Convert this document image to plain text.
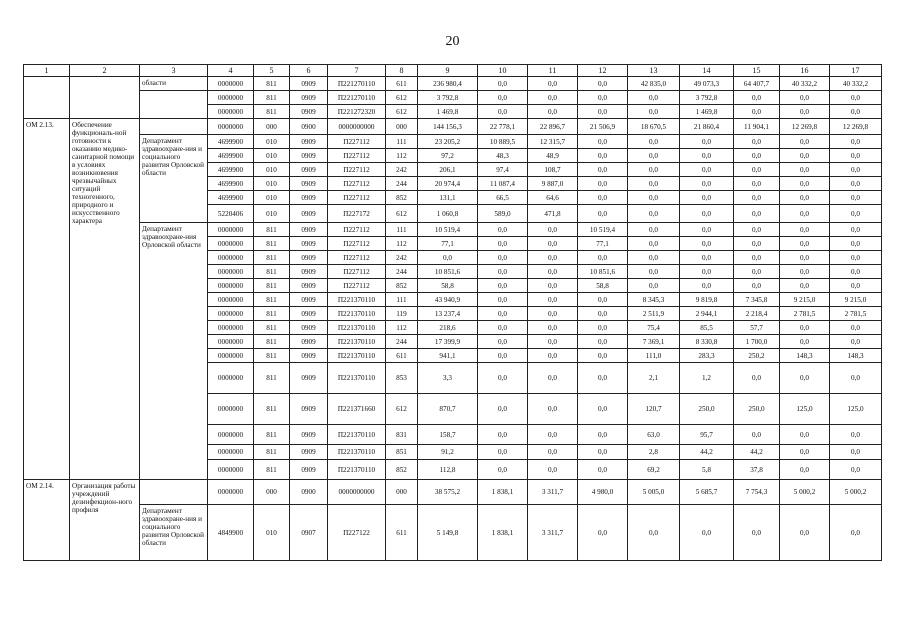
20
1	2	3	4	5	6	7	8	9	10	11	12	13	14	15	16	17
		области	0000000	811	0909	П221270110	611	236 980,4	0,0	0,0	0,0	42 835,0	49 073,3	64 407,7	40 332,2	40 332,2
			0000000	811	0909	П221270110	612	3 792,8	0,0	0,0	0,0	0,0	3 792,8	0,0	0,0	0,0
			0000000	811	0909	П221272320	612	1 469,8	0,0	0,0	0,0	0,0	1 469,8	0,0	0,0	0,0
ОМ 2.13.	Обеспечение функциональ-ной готовности к оказанию медико-санитарной помощи в условиях возникновения чрезвычайных ситуаций техногенного, природного и искусственного характера		0000000	000	0900	0000000000	000	144 156,3	22 778,1	22 896,7	21 506,9	18 670,5	21 860,4	11 904,1	12 269,8	12 269,8
		Департамент здравоохране-ния и социального развития Орловской области	4699900	010	0909	П227112	111	23 205,2	10 889,5	12 315,7	0,0	0,0	0,0	0,0	0,0	0,0
			4699900	010	0909	П227112	112	97,2	48,3	48,9	0,0	0,0	0,0	0,0	0,0	0,0
			4699900	010	0909	П227112	242	206,1	97,4	108,7	0,0	0,0	0,0	0,0	0,0	0,0
			4699900	010	0909	П227112	244	20 974,4	11 087,4	9 887,0	0,0	0,0	0,0	0,0	0,0	0,0
			4699900	010	0909	П227112	852	131,1	66,5	64,6	0,0	0,0	0,0	0,0	0,0	0,0
			5220406	010	0909	П227172	612	1 060,8	589,0	471,8	0,0	0,0	0,0	0,0	0,0	0,0
		Департамент здравоохране-ния Орловской области	0000000	811	0909	П227112	111	10 519,4	0,0	0,0	10 519,4	0,0	0,0	0,0	0,0	0,0
			0000000	811	0909	П227112	112	77,1	0,0	0,0	77,1	0,0	0,0	0,0	0,0	0,0
			0000000	811	0909	П227112	242	0,0	0,0	0,0	0,0	0,0	0,0	0,0	0,0	0,0
			0000000	811	0909	П227112	244	10 851,6	0,0	0,0	10 851,6	0,0	0,0	0,0	0,0	0,0
			0000000	811	0909	П227112	852	58,8	0,0	0,0	58,8	0,0	0,0	0,0	0,0	0,0
			0000000	811	0909	П221370110	111	43 940,9	0,0	0,0	0,0	8 345,3	9 819,8	7 345,8	9 215,0	9 215,0
			0000000	811	0909	П221370110	119	13 237,4	0,0	0,0	0,0	2 511,9	2 944,1	2 218,4	2 781,5	2 781,5
			0000000	811	0909	П221370110	112	218,6	0,0	0,0	0,0	75,4	85,5	57,7	0,0	0,0
			0000000	811	0909	П221370110	244	17 399,9	0,0	0,0	0,0	7 369,1	8 330,8	1 700,0	0,0	0,0
			0000000	811	0909	П221370110	611	941,1	0,0	0,0	0,0	111,0	283,3	250,2	148,3	148,3
			0000000	811	0909	П221370110	853	3,3	0,0	0,0	0,0	2,1	1,2	0,0	0,0	0,0
			0000000	811	0909	П221371660	612	870,7	0,0	0,0	0,0	120,7	250,0	250,0	125,0	125,0
			0000000	811	0909	П221370110	831	158,7	0,0	0,0	0,0	63,0	95,7	0,0	0,0	0,0
			0000000	811	0909	П221370110	851	91,2	0,0	0,0	0,0	2,8	44,2	44,2	0,0	0,0
			0000000	811	0909	П221370110	852	112,8	0,0	0,0	0,0	69,2	5,8	37,8	0,0	0,0
ОМ 2.14.	Организация работы учреждений дезинфекцион-ного профиля		0000000	000	0900	0000000000	000	38 575,2	1 838,1	3 311,7	4 980,0	5 005,0	5 685,7	7 754,3	5 000,2	5 000,2
		Департамент здравоохране-ния и социального развития Орловской области	4849900	010	0907	П227122	611	5 149,8	1 838,1	3 311,7	0,0	0,0	0,0	0,0	0,0	0,0
